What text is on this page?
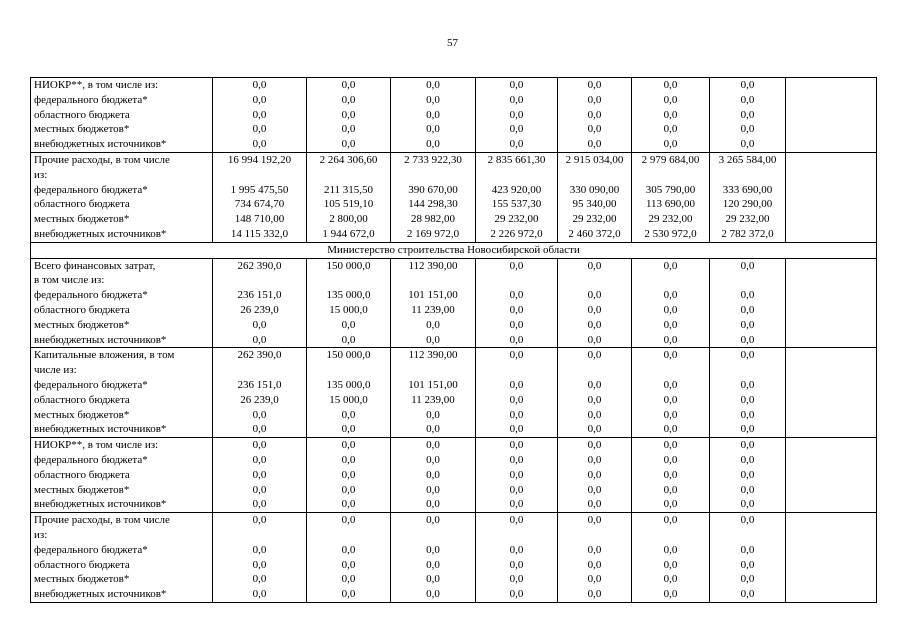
57
НИОКР**, в том числе из:	0,0	0,0	0,0	0,0	0,0	0,0	0,0	
федерального бюджета*	0,0	0,0	0,0	0,0	0,0	0,0	0,0	
областного бюджета	0,0	0,0	0,0	0,0	0,0	0,0	0,0	
местных бюджетов*	0,0	0,0	0,0	0,0	0,0	0,0	0,0	
внебюджетных источников*	0,0	0,0	0,0	0,0	0,0	0,0	0,0	
Прочие расходы, в том числе	16 994 192,20	2 264 306,60	2 733 922,30	2 835 661,30	2 915 034,00	2 979 684,00	3 265 584,00	
из:								
федерального бюджета*	1 995 475,50	211 315,50	390 670,00	423 920,00	330 090,00	305 790,00	333 690,00	
областного бюджета	734 674,70	105 519,10	144 298,30	155 537,30	95 340,00	113 690,00	120 290,00	
местных бюджетов*	148 710,00	2 800,00	28 982,00	29 232,00	29 232,00	29 232,00	29 232,00	
внебюджетных источников*	14 115 332,0	1 944 672,0	2 169 972,0	2 226 972,0	2 460 372,0	2 530 972,0	2 782 372,0	
Министерство строительства Новосибирской области								
Всего финансовых затрат,	262 390,0	150 000,0	112 390,00	0,0	0,0	0,0	0,0	
в том числе из:								
федерального бюджета*	236 151,0	135 000,0	101 151,00	0,0	0,0	0,0	0,0	
областного бюджета	26 239,0	15 000,0	11 239,00	0,0	0,0	0,0	0,0	
местных бюджетов*	0,0	0,0	0,0	0,0	0,0	0,0	0,0	
внебюджетных источников*	0,0	0,0	0,0	0,0	0,0	0,0	0,0	
Капитальные вложения, в том	262 390,0	150 000,0	112 390,00	0,0	0,0	0,0	0,0	
числе из:								
федерального бюджета*	236 151,0	135 000,0	101 151,00	0,0	0,0	0,0	0,0	
областного бюджета	26 239,0	15 000,0	11 239,00	0,0	0,0	0,0	0,0	
местных бюджетов*	0,0	0,0	0,0	0,0	0,0	0,0	0,0	
внебюджетных источников*	0,0	0,0	0,0	0,0	0,0	0,0	0,0	
НИОКР**, в том числе из:	0,0	0,0	0,0	0,0	0,0	0,0	0,0	
федерального бюджета*	0,0	0,0	0,0	0,0	0,0	0,0	0,0	
областного бюджета	0,0	0,0	0,0	0,0	0,0	0,0	0,0	
местных бюджетов*	0,0	0,0	0,0	0,0	0,0	0,0	0,0	
внебюджетных источников*	0,0	0,0	0,0	0,0	0,0	0,0	0,0	
Прочие расходы, в том числе	0,0	0,0	0,0	0,0	0,0	0,0	0,0	
из:								
федерального бюджета*	0,0	0,0	0,0	0,0	0,0	0,0	0,0	
областного бюджета	0,0	0,0	0,0	0,0	0,0	0,0	0,0	
местных бюджетов*	0,0	0,0	0,0	0,0	0,0	0,0	0,0	
внебюджетных источников*	0,0	0,0	0,0	0,0	0,0	0,0	0,0	
